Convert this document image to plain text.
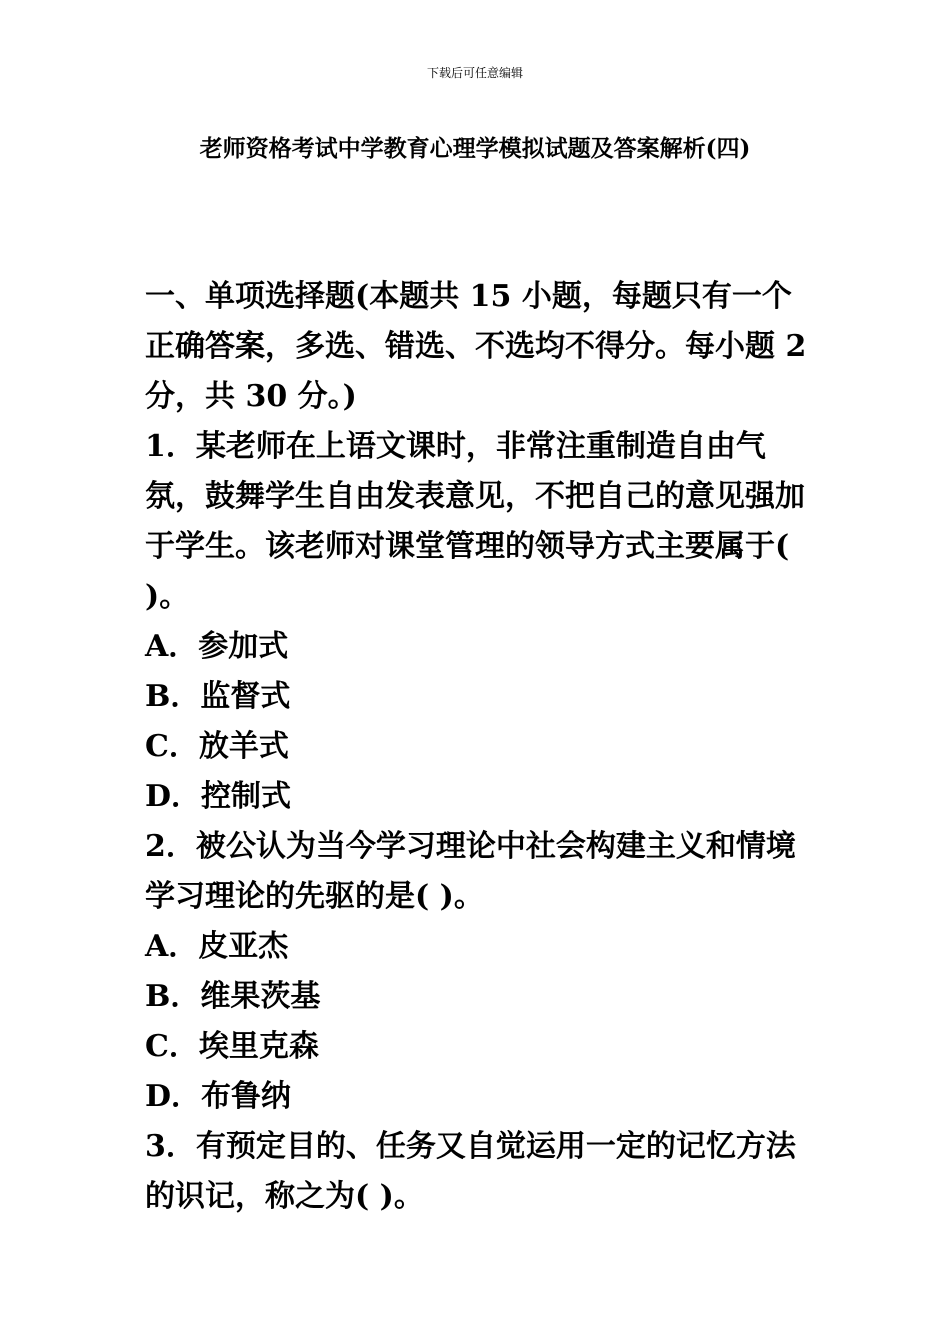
下载后可任意编辑
老师资格考试中学教育心理学模拟试题及答案解析(四)

一、单项选择题(本题共 15 小题，每题只有一个正确答案，多选、错选、不选均不得分。每小题 2 分，共 30 分。)

1．某老师在上语文课时，非常注重制造自由气氛，鼓舞学生自由发表意见，不把自己的意见强加于学生。该老师对课堂管理的领导方式主要属于( )。

A．参加式

B．监督式

C．放羊式

D．控制式

2．被公认为当今学习理论中社会构建主义和情境学习理论的先驱的是( )。

A．皮亚杰

B．维果茨基

C．埃里克森

D．布鲁纳

3．有预定目的、任务又自觉运用一定的记忆方法的识记，称之为( )。
